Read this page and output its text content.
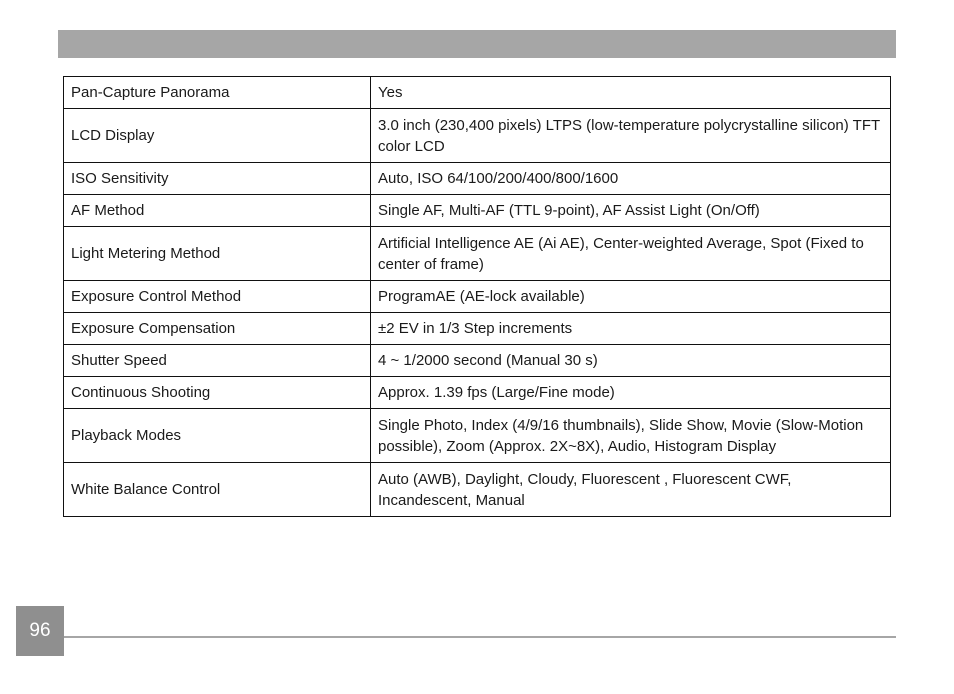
Pan-Capture Panorama	Yes
LCD Display	3.0 inch (230,400 pixels) LTPS (low-temperature polycrystalline silicon) TFT color LCD
ISO Sensitivity	Auto, ISO 64/100/200/400/800/1600
AF Method	Single AF, Multi-AF (TTL 9-point), AF Assist Light (On/Off)
Light Metering Method	Artificial Intelligence AE (Ai AE), Center-weighted Average, Spot (Fixed to center of frame)
Exposure Control Method	ProgramAE (AE-lock available)
Exposure Compensation	±2 EV in 1/3 Step increments
Shutter Speed	4 ~ 1/2000 second (Manual 30 s)
Continuous Shooting	Approx. 1.39 fps (Large/Fine mode)
Playback Modes	Single Photo, Index (4/9/16 thumbnails), Slide Show, Movie (Slow-Motion possible), Zoom (Approx. 2X~8X), Audio, Histogram Display
White Balance Control	Auto (AWB), Daylight, Cloudy, Fluorescent , Fluorescent CWF, Incandescent, Manual
96
